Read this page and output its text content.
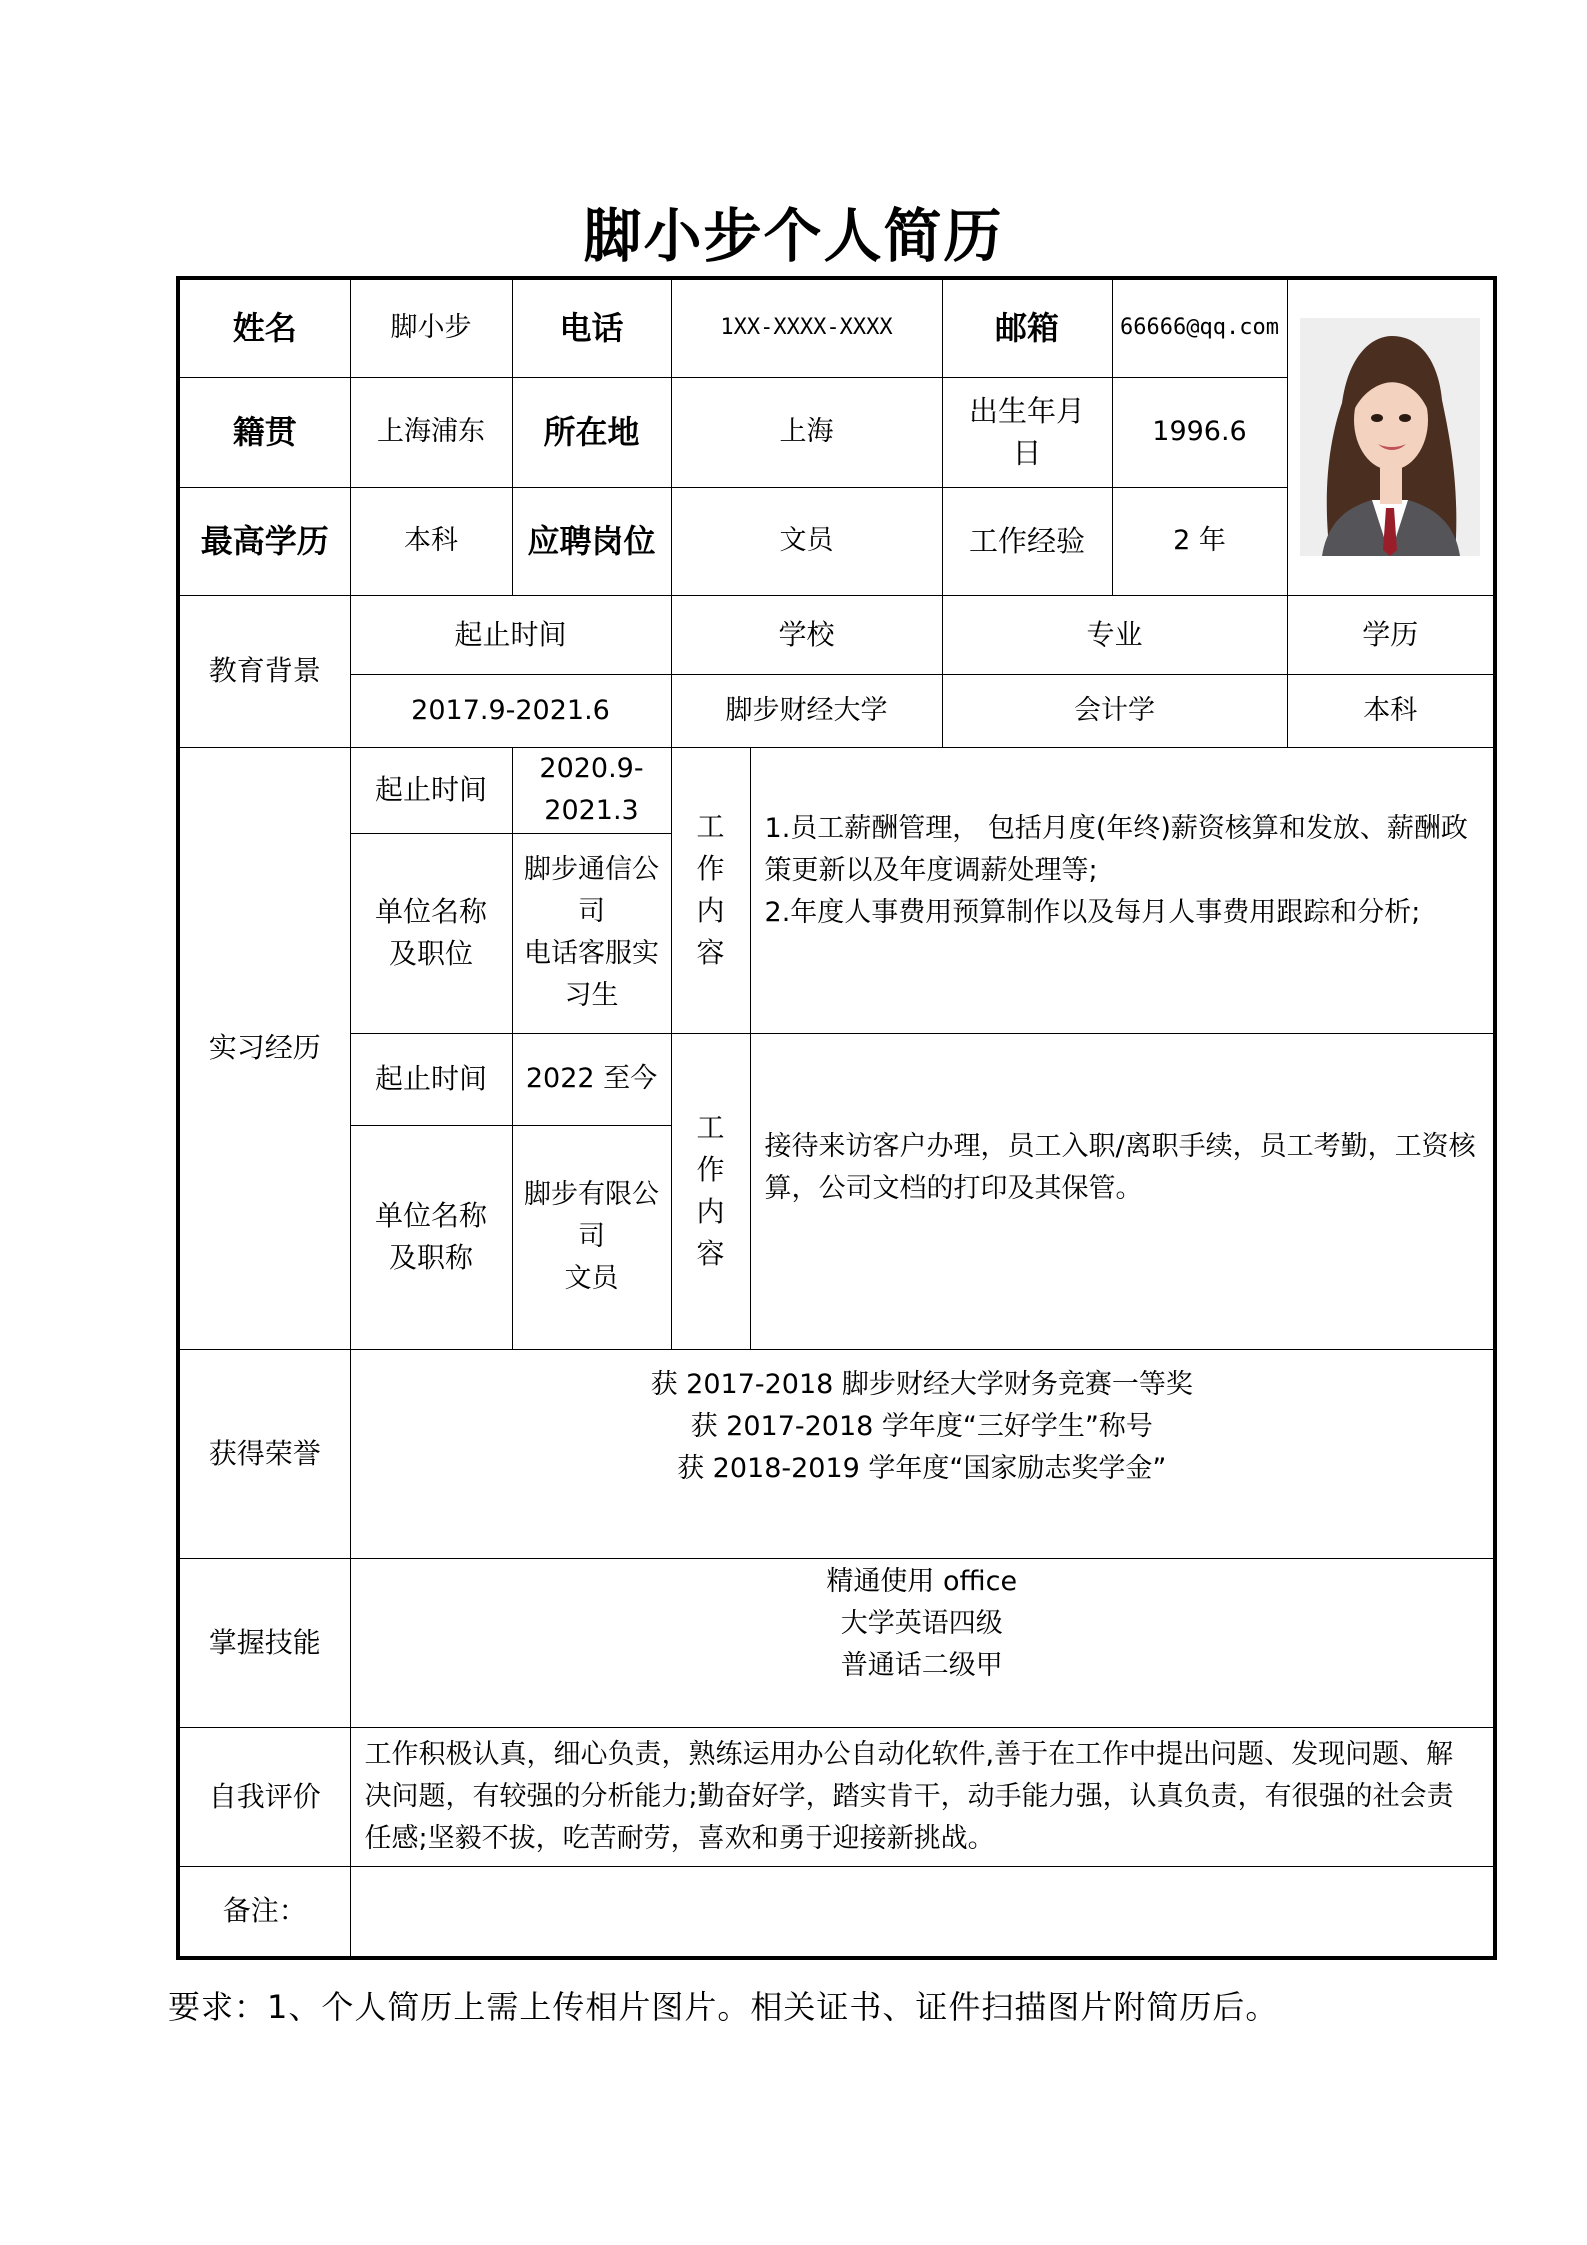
脚小步个人简历
姓名	脚小步	电话	1XX-XXXX-XXXX		邮箱	66666@qq.com	

籍贯	上海浦东	所在地	上海		出生年月日	1996.6	
最高学历	本科	应聘岗位	文员		工作经验	2 年	
教育背景	起止时间		学校		专业		学历
	2017.9-2021.6		脚步财经大学		会计学		本科
实习经历	起止时间	2020.9-2021.3	工作内容	1.员工薪酬管理， 包括月度(年终)薪资核算和发放、薪酬政策更新以及年度调薪处理等;
2.年度人事费用预算制作以及每月人事费用跟踪和分析;			

	单位名称及职位	脚步通信公司
电话客服实习生					

	起止时间	2022 至今	工作内容	接待来访客户办理，员工入职/离职手续，员工考勤，工资核算，公司文档的打印及其保管。			

	单位名称及职称	脚步有限公司
文员					

获得荣誉	获 2017-2018 脚步财经大学财务竞赛一等奖
获 2017-2018 学年度“三好学生”称号
获 2018-2019 学年度“国家励志奖学金”						

掌握技能	精通使用 office
大学英语四级
普通话二级甲						

自我评价	工作积极认真，细心负责，熟练运用办公自动化软件,善于在工作中提出问题、发现问题、解决问题，有较强的分析能力;勤奋好学，踏实肯干，动手能力强，认真负责，有很强的社会责任感;坚毅不拔，吃苦耐劳，喜欢和勇于迎接新挑战。						
备注：							
要求：1、个人简历上需上传相片图片。相关证书、证件扫描图片附简历后。
